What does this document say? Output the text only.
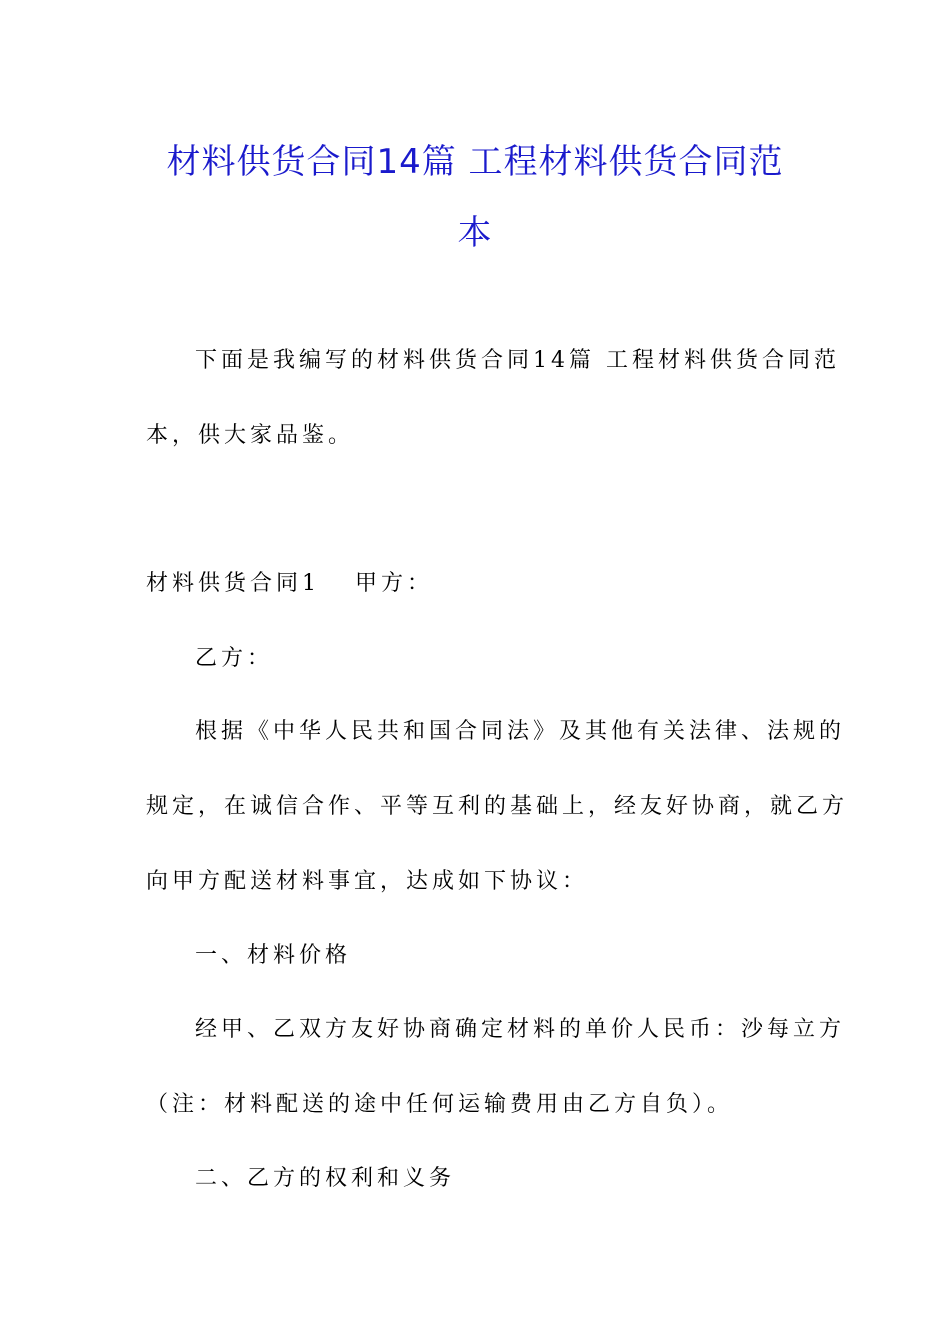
材料供货合同14篇 工程材料供货合同范
本
下面是我编写的材料供货合同14篇 工程材料供货合同范
本，供大家品鉴。
材料供货合同1 甲方：
乙方：
根据《中华人民共和国合同法》及其他有关法律、法规的
规定，在诚信合作、平等互利的基础上，经友好协商，就乙方
向甲方配送材料事宜，达成如下协议：
一、材料价格
经甲、乙双方友好协商确定材料的单价人民币：沙每立方
（注：材料配送的途中任何运输费用由乙方自负）。
二、乙方的权利和义务
